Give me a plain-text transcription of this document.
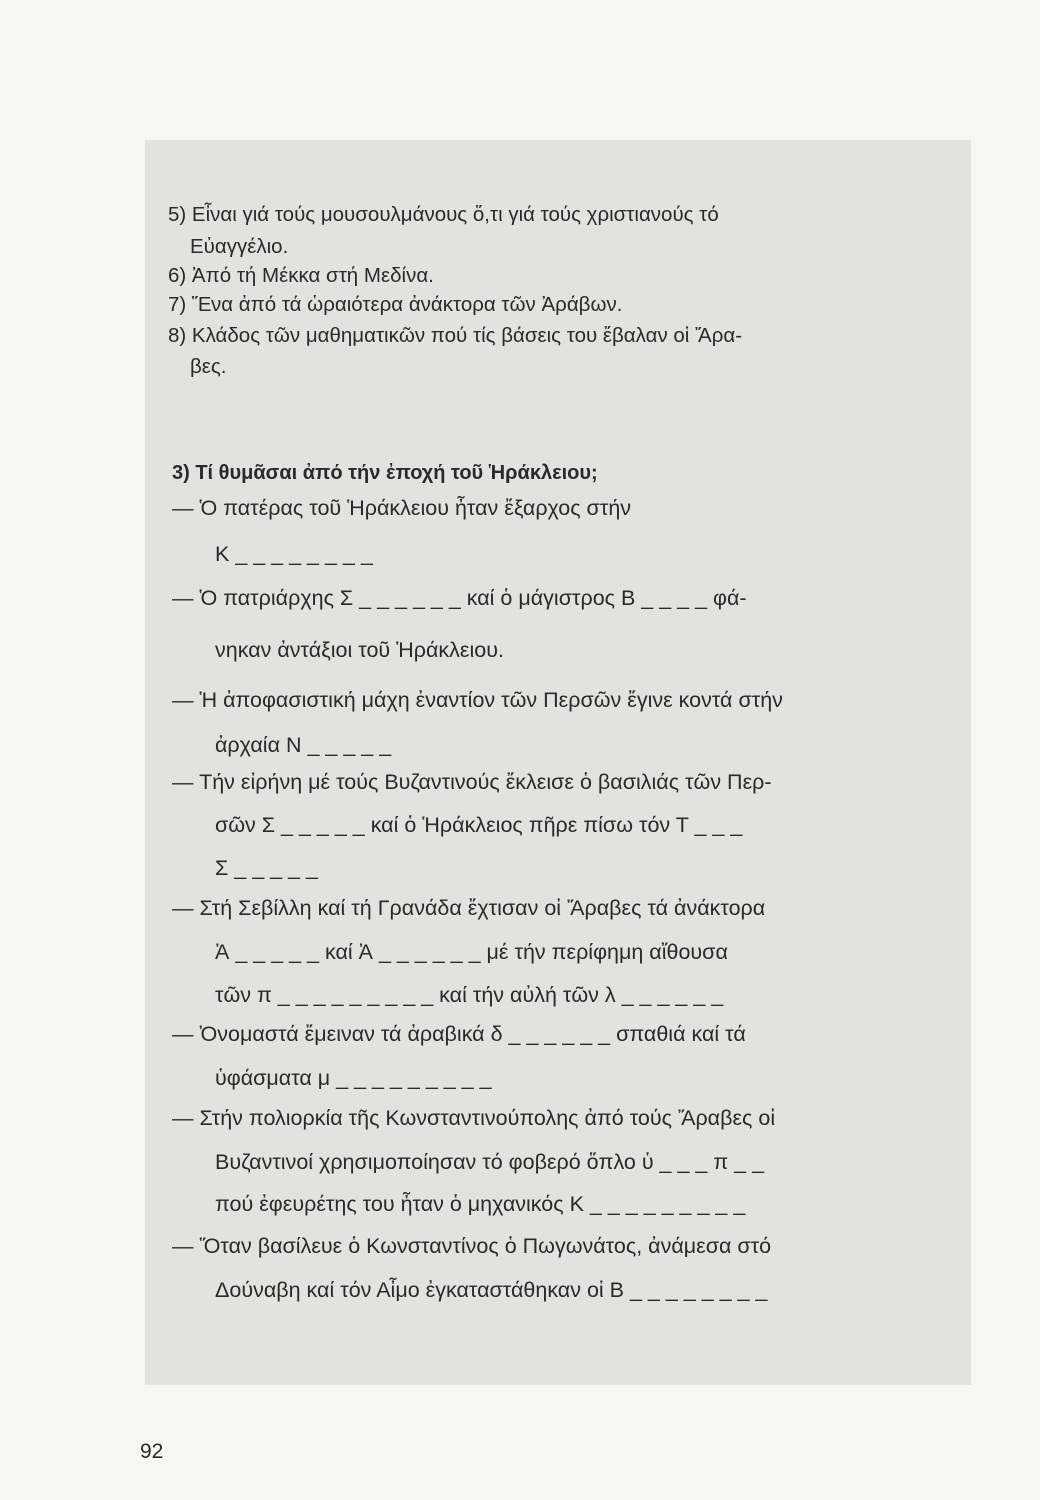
5) Εἶναι γιά τούς μουσουλμάνους ὅ,τι γιά τούς χριστιανούς τό
Εὐαγγέλιο.
6) Ἀπό τή Μέκκα στή Μεδίνα.
7) Ἕνα ἀπό τά ὡραιότερα ἀνάκτορα τῶν Ἀράβων.
8) Κλάδος τῶν μαθηματικῶν πού τίς βάσεις του ἔβαλαν οἱ Ἄρα-
βες.
3) Τί θυμᾶσαι ἀπό τήν ἐποχή τοῦ Ἡράκλειου;
— Ὁ πατέρας τοῦ Ἡράκλειου ἦταν ἔξαρχος στήν
Κ _ _ _ _ _ _ _ _
— Ὁ πατριάρχης Σ _ _ _ _ _ _ καί ὁ μάγιστρος Β _ _ _ _ φά-
νηκαν ἀντάξιοι τοῦ Ἡράκλειου.
— Ἡ ἀποφασιστική μάχη ἐναντίον τῶν Περσῶν ἔγινε κοντά στήν
ἀρχαία Ν _ _ _ _ _
— Τήν εἰρήνη μέ τούς Βυζαντινούς ἔκλεισε ὁ βασιλιάς τῶν Περ-
σῶν Σ _ _ _ _ _ καί ὁ Ἡράκλειος πῆρε πίσω τόν Τ _ _ _
Σ _ _ _ _ _
— Στή Σεβίλλη καί τή Γρανάδα ἔχτισαν οἱ Ἄραβες τά ἀνάκτορα
Ἀ _ _ _ _ _ καί Ἀ _ _ _ _ _ _ μέ τήν περίφημη αἴθουσα
τῶν π _ _ _ _ _ _ _ _ _ καί τήν αὐλή τῶν λ _ _ _ _ _ _
— Ὀνομαστά ἔμειναν τά ἀραβικά δ _ _ _ _ _ _ σπαθιά καί τά
ὑφάσματα μ _ _ _ _ _ _ _ _ _
— Στήν πολιορκία τῆς Κωνσταντινούπολης ἀπό τούς Ἄραβες οἱ
Βυζαντινοί χρησιμοποίησαν τό φοβερό ὅπλο ὑ _ _ _ π _ _
πού ἐφευρέτης του ἦταν ὁ μηχανικός Κ _ _ _ _ _ _ _ _ _
— Ὅταν βασίλευε ὁ Κωνσταντίνος ὁ Πωγωνάτος, ἀνάμεσα στό
Δούναβη καί τόν Αἶμο ἐγκαταστάθηκαν οἱ Β _ _ _ _ _ _ _ _
92
